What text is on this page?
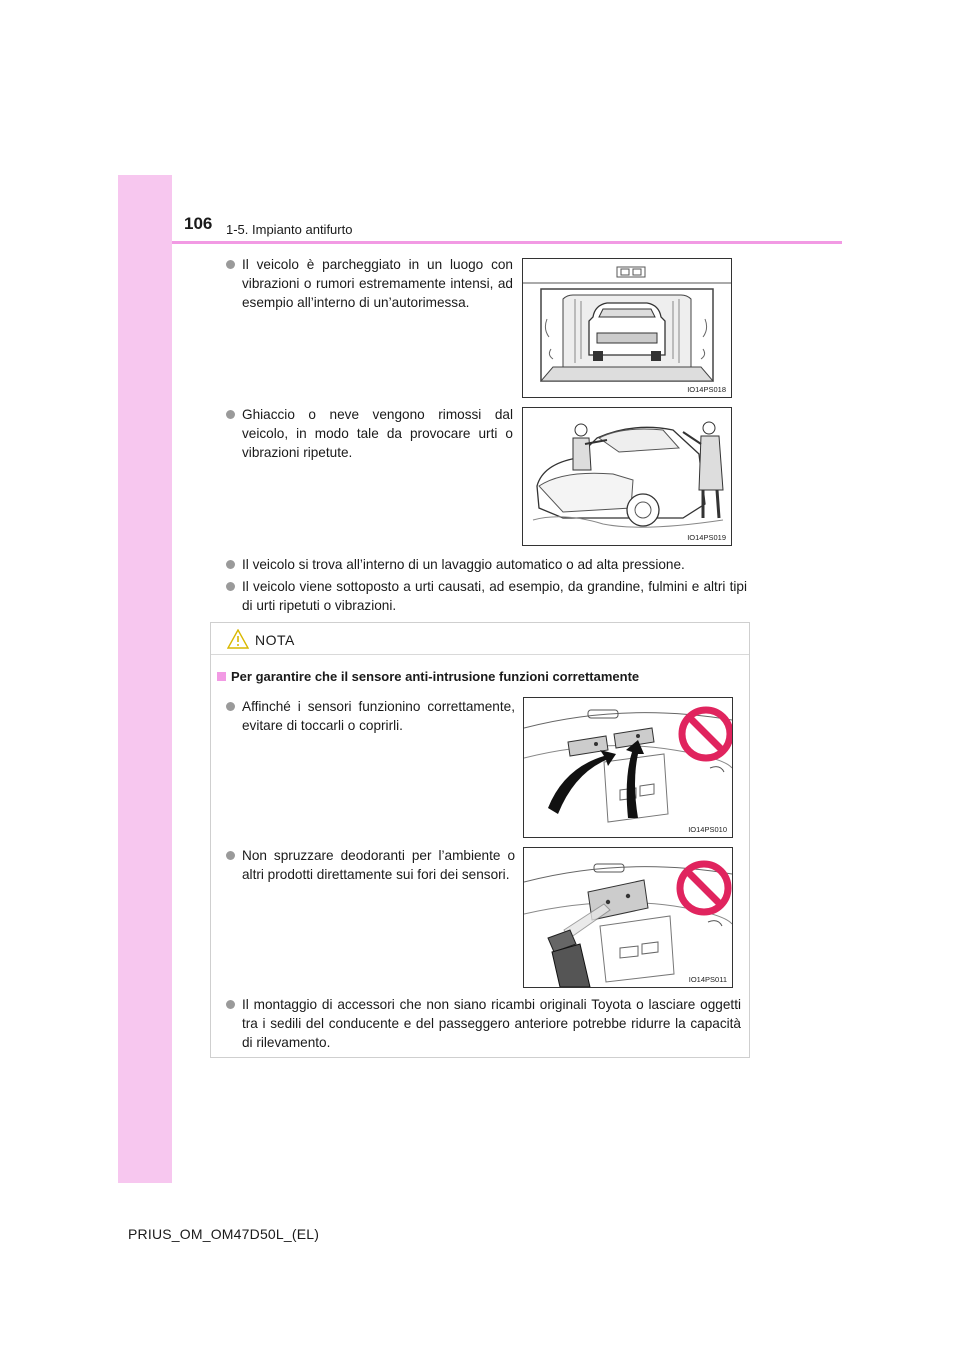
106 1-5. Impianto antifurto
Il veicolo è parcheggiato in un luogo con vibrazioni o rumori estremamente intensi, ad esempio all’interno di un’autorimessa.
IO14PS018
Ghiaccio o neve vengono rimossi dal veicolo, in modo tale da provocare urti o vibrazioni ripetute.
IO14PS019
Il veicolo si trova all’interno di un lavaggio automatico o ad alta pressione.
Il veicolo viene sottoposto a urti causati, ad esempio, da grandine, fulmini e altri tipi di urti ripetuti o vibrazioni.
NOTA
Per garantire che il sensore anti-intrusione funzioni correttamente
Affinché i sensori funzionino correttamente, evitare di toccarli o coprirli.
IO14PS010
Non spruzzare deodoranti per l’ambiente o altri prodotti direttamente sui fori dei sensori.
IO14PS011
Il montaggio di accessori che non siano ricambi originali Toyota o lasciare oggetti tra i sedili del conducente e del passeggero anteriore potrebbe ridurre la capacità di rilevamento.
PRIUS_OM_OM47D50L_(EL)
